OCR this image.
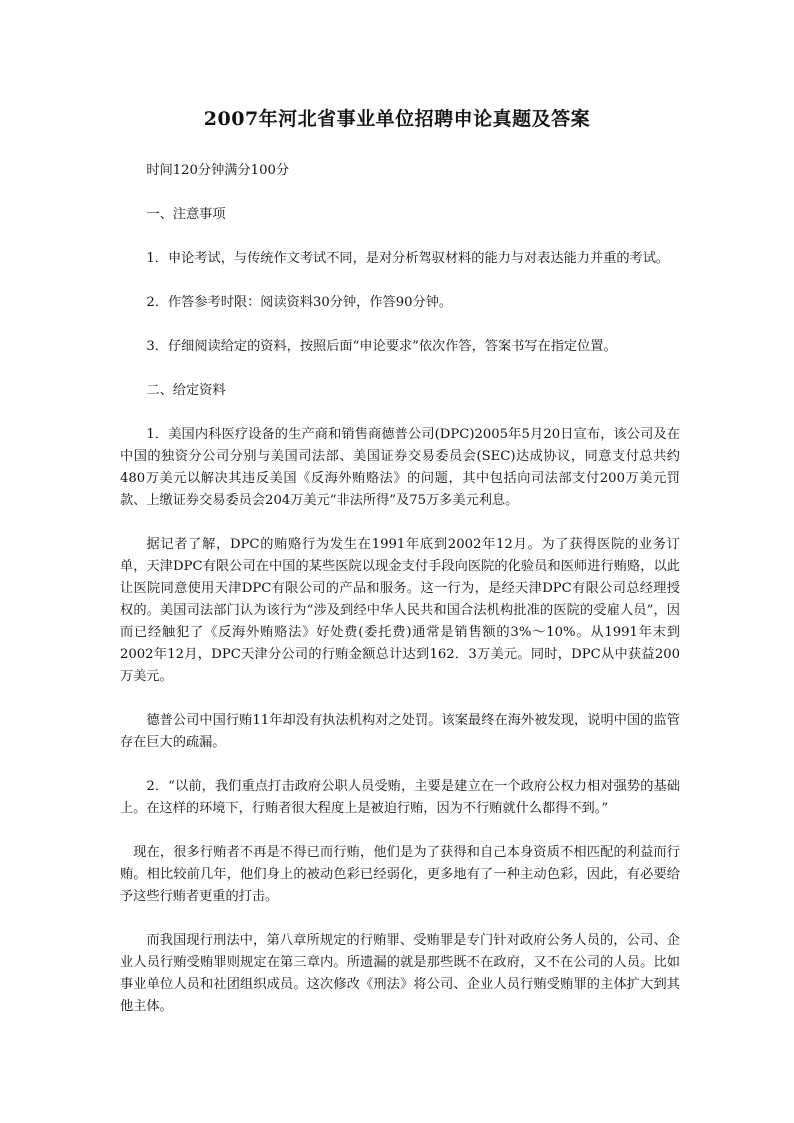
2007年河北省事业单位招聘申论真题及答案

时间120分钟满分100分

一、注意事项

1．申论考试，与传统作文考试不同，是对分析驾驭材料的能力与对表达能力并重的考试。

2．作答参考时限：阅读资料30分钟，作答90分钟。

3．仔细阅读给定的资料，按照后面“申论要求”依次作答，答案书写在指定位置。

二、给定资料

1．美国内科医疗设备的生产商和销售商德普公司(DPC)2005年5月20日宣布，该公司及在中国的独资分公司分别与美国司法部、美国证券交易委员会(SEC)达成协议，同意支付总共约480万美元以解决其违反美国《反海外贿赂法》的问题，其中包括向司法部支付200万美元罚款、上缴证券交易委员会204万美元“非法所得”及75万多美元利息。

据记者了解，DPC的贿赂行为发生在1991年底到2002年12月。为了获得医院的业务订单，天津DPC有限公司在中国的某些医院以现金支付手段向医院的化验员和医师进行贿赂，以此让医院同意使用天津DPC有限公司的产品和服务。这一行为，是经天津DPC有限公司总经理授权的。美国司法部门认为该行为“涉及到经中华人民共和国合法机构批准的医院的受雇人员”，因而已经触犯了《反海外贿赂法》好处费(委托费)通常是销售额的3%～10%。从1991年末到2002年12月，DPC天津分公司的行贿金额总计达到162．3万美元。同时，DPC从中获益200万美元。

德普公司中国行贿11年却没有执法机构对之处罚。该案最终在海外被发现，说明中国的监管存在巨大的疏漏。

2．“以前，我们重点打击政府公职人员受贿，主要是建立在一个政府公权力相对强势的基础上。在这样的环境下，行贿者很大程度上是被迫行贿，因为不行贿就什么都得不到。”

现在，很多行贿者不再是不得已而行贿，他们是为了获得和自己本身资质不相匹配的利益而行贿。相比较前几年，他们身上的被动色彩已经弱化，更多地有了一种主动色彩，因此，有必要给予这些行贿者更重的打击。

而我国现行刑法中，第八章所规定的行贿罪、受贿罪是专门针对政府公务人员的，公司、企业人员行贿受贿罪则规定在第三章内。所遗漏的就是那些既不在政府，又不在公司的人员。比如事业单位人员和社团组织成员。这次修改《刑法》将公司、企业人员行贿受贿罪的主体扩大到其他主体。
